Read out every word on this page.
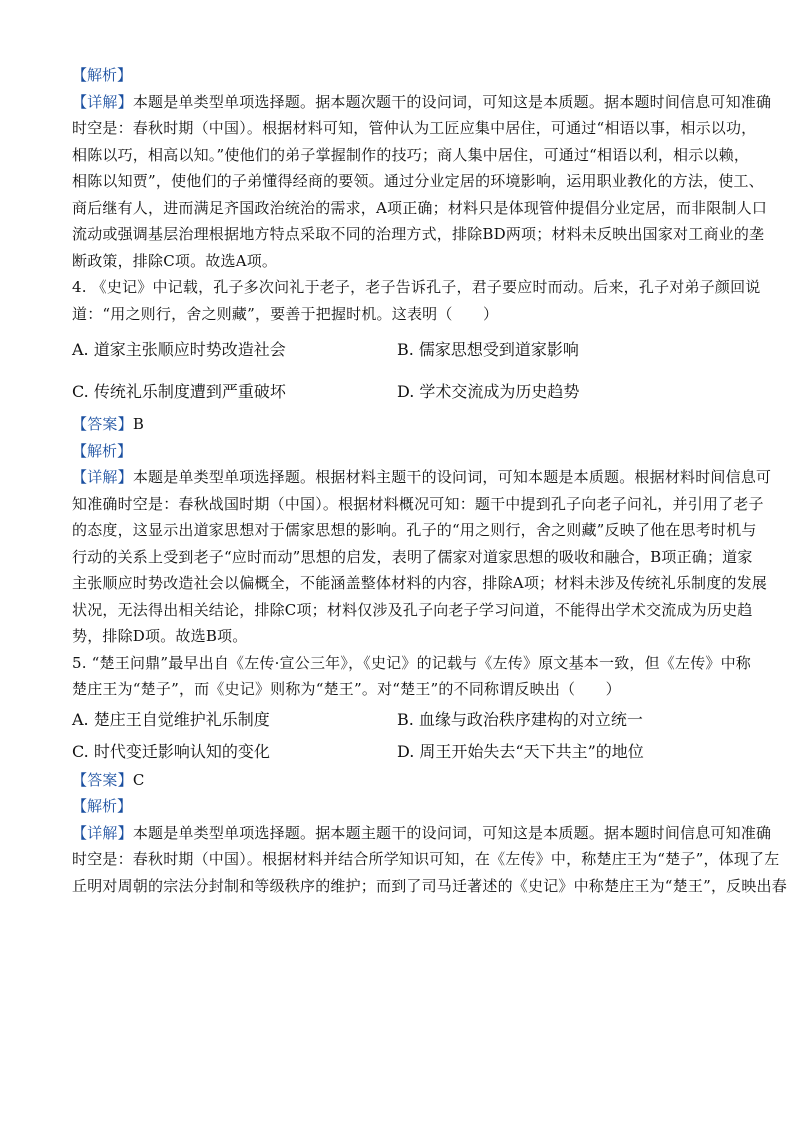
【解析】
【详解】本题是单类型单项选择题。据本题次题干的设问词，可知这是本质题。据本题时间信息可知准确
时空是：春秋时期（中国）。根据材料可知，管仲认为工匠应集中居住，可通过“相语以事，相示以功，
相陈以巧，相高以知。”使他们的弟子掌握制作的技巧；商人集中居住，可通过“相语以利，相示以赖，
相陈以知贾”，使他们的子弟懂得经商的要领。通过分业定居的环境影响，运用职业教化的方法，使工、
商后继有人，进而满足齐国政治统治的需求，A项正确；材料只是体现管仲提倡分业定居，而非限制人口
流动或强调基层治理根据地方特点采取不同的治理方式，排除BD两项；材料未反映出国家对工商业的垄
断政策，排除C项。故选A项。
4. 《史记》中记载，孔子多次问礼于老子，老子告诉孔子，君子要应时而动。后来，孔子对弟子颜回说
道：“用之则行，舍之则藏”，要善于把握时机。这表明（　　）
A. 道家主张顺应时势改造社会	B. 儒家思想受到道家影响
C. 传统礼乐制度遭到严重破坏	D. 学术交流成为历史趋势
【答案】B
【解析】
【详解】本题是单类型单项选择题。根据材料主题干的设问词，可知本题是本质题。根据材料时间信息可
知准确时空是：春秋战国时期（中国）。根据材料概况可知：题干中提到孔子向老子问礼，并引用了老子
的态度，这显示出道家思想对于儒家思想的影响。孔子的“用之则行，舍之则藏”反映了他在思考时机与
行动的关系上受到老子“应时而动”思想的启发，表明了儒家对道家思想的吸收和融合，B项正确；道家
主张顺应时势改造社会以偏概全，不能涵盖整体材料的内容，排除A项；材料未涉及传统礼乐制度的发展
状况，无法得出相关结论，排除C项；材料仅涉及孔子向老子学习问道，不能得出学术交流成为历史趋
势，排除D项。故选B项。
5. “楚王问鼎”最早出自《左传·宣公三年》，《史记》的记载与《左传》原文基本一致，但《左传》中称
楚庄王为“楚子”，而《史记》则称为“楚王”。对“楚王”的不同称谓反映出（　　）
A. 楚庄王自觉维护礼乐制度	B. 血缘与政治秩序建构的对立统一
C. 时代变迁影响认知的变化	D. 周王开始失去“天下共主”的地位
【答案】C
【解析】
【详解】本题是单类型单项选择题。据本题主题干的设问词，可知这是本质题。据本题时间信息可知准确
时空是：春秋时期（中国）。根据材料并结合所学知识可知，在《左传》中，称楚庄王为“楚子”，体现了左
丘明对周朝的宗法分封制和等级秩序的维护；而到了司马迁著述的《史记》中称楚庄王为“楚王”，反映出春
